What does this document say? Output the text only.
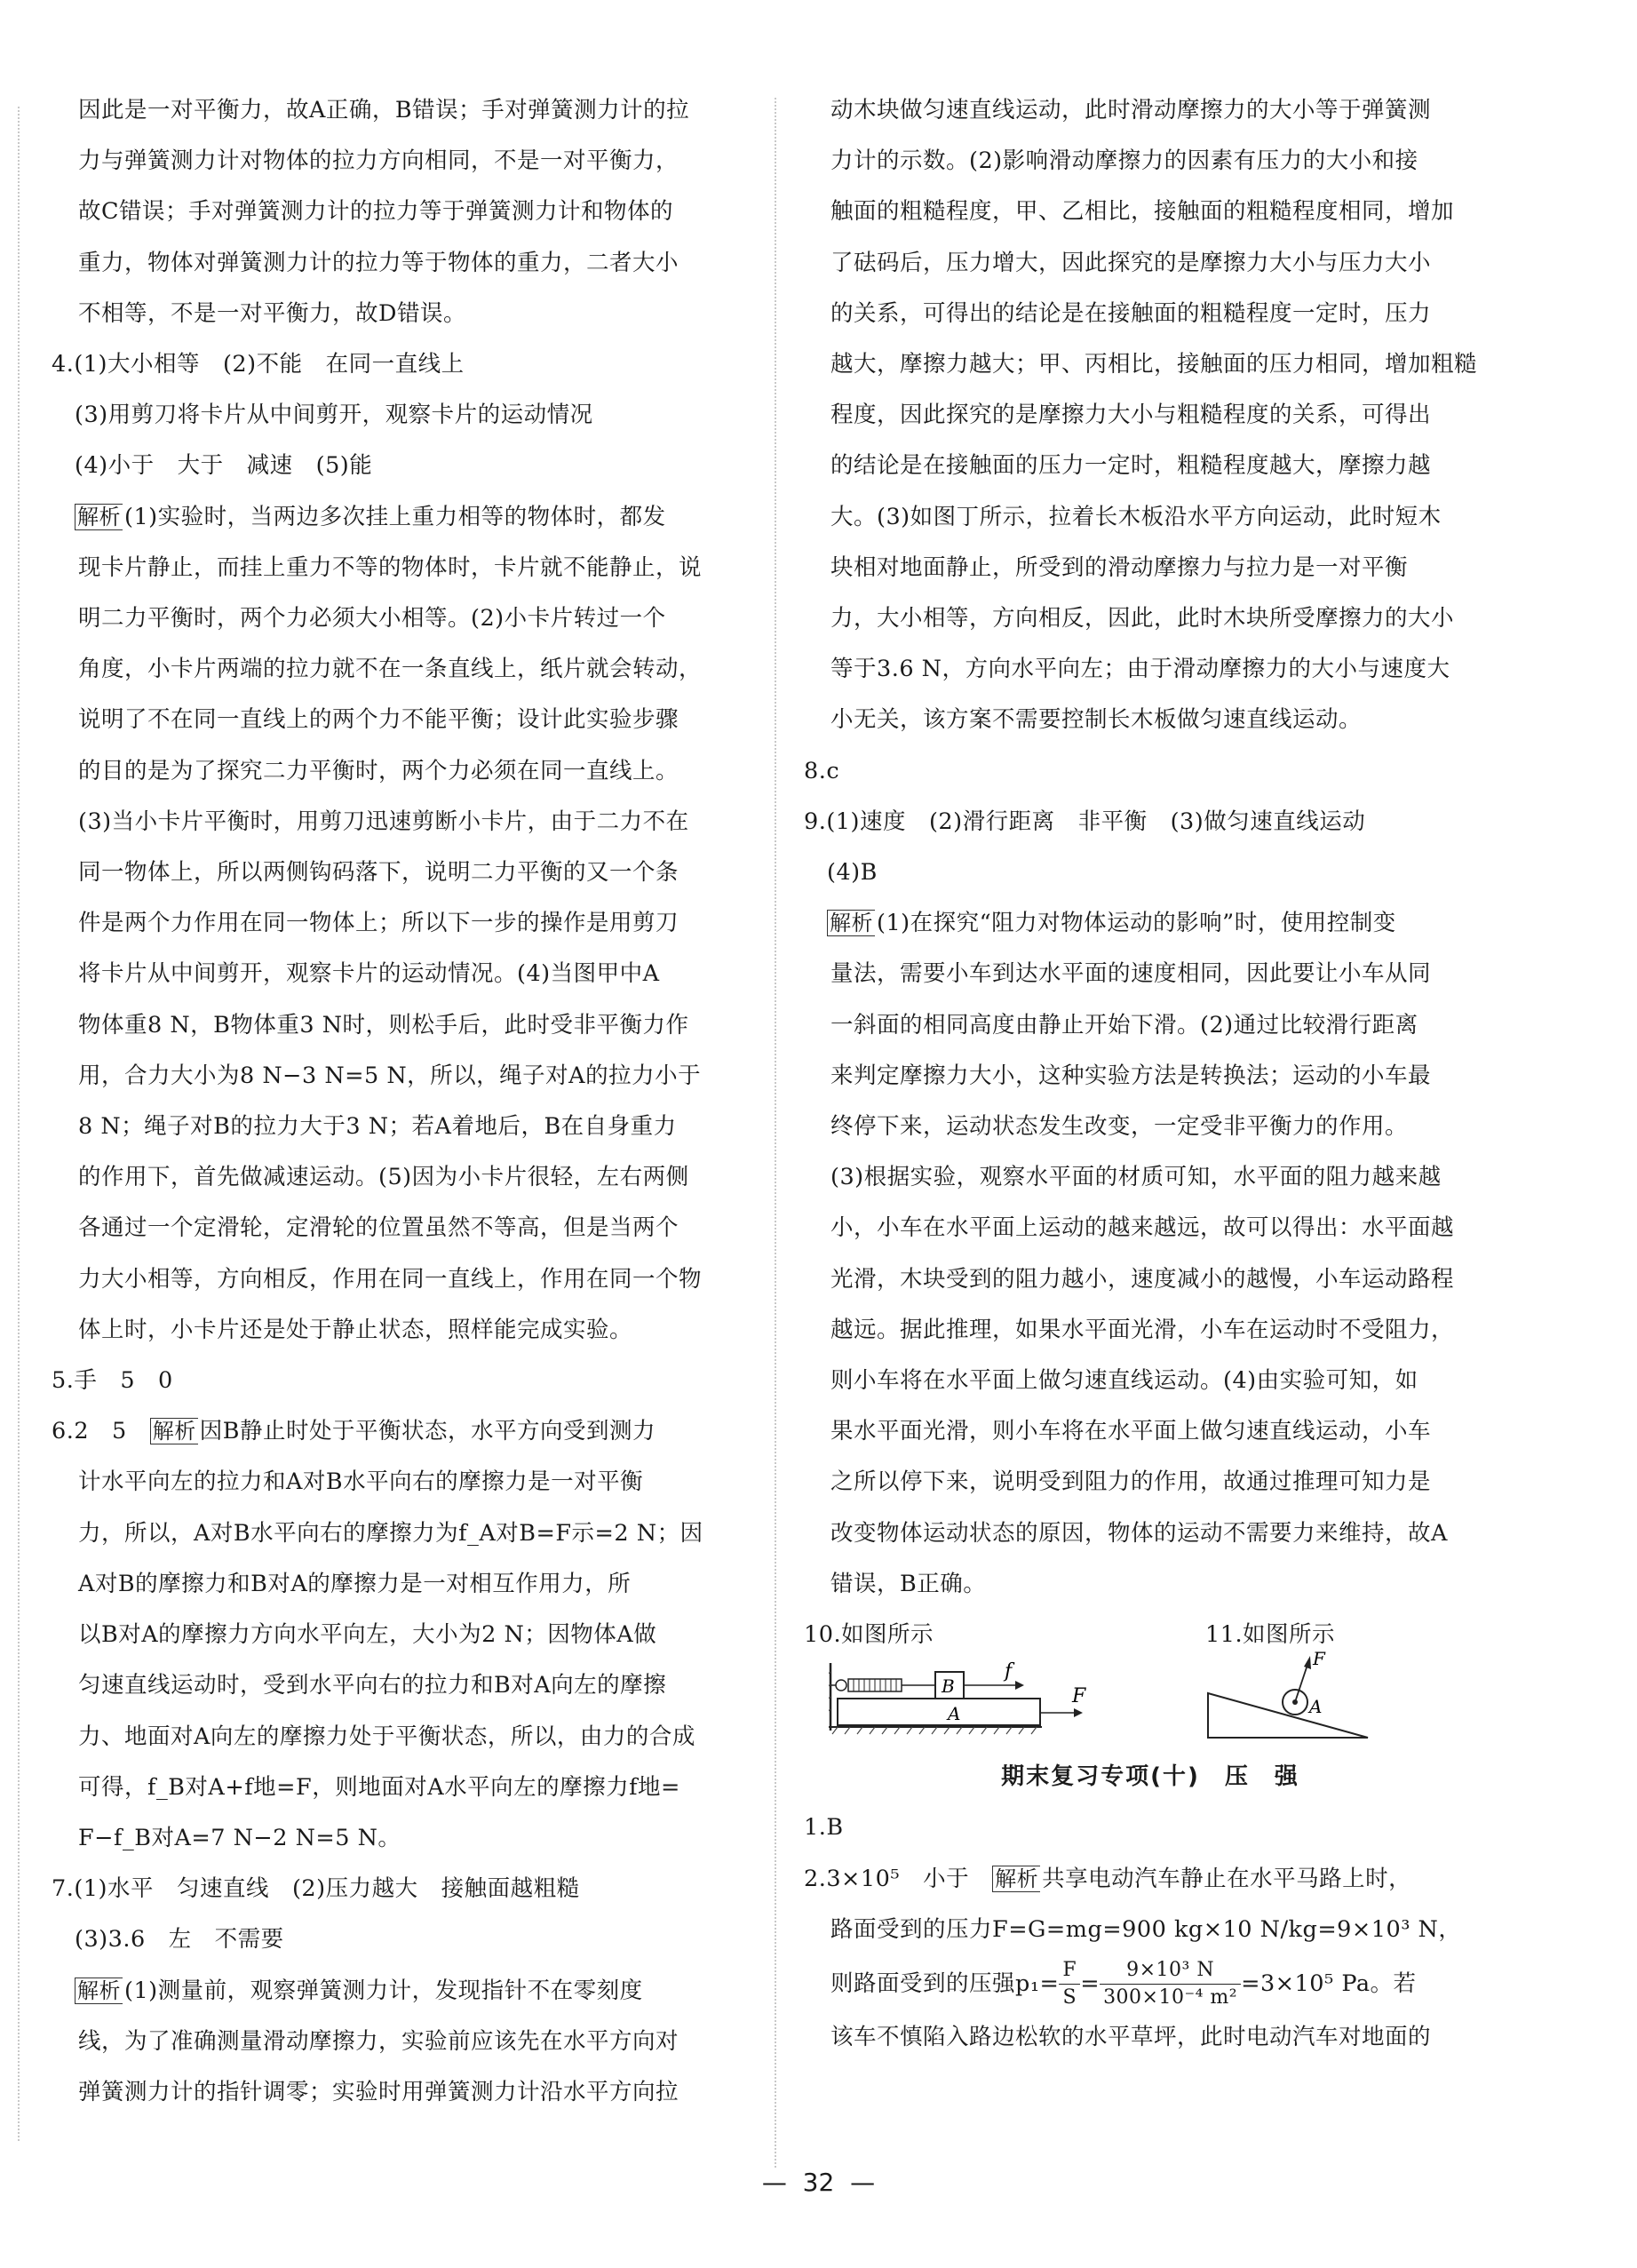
因此是一对平衡力，故A正确，B错误；手对弹簧测力计的拉

力与弹簧测力计对物体的拉力方向相同，不是一对平衡力，

故C错误；手对弹簧测力计的拉力等于弹簧测力计和物体的

重力，物体对弹簧测力计的拉力等于物体的重力，二者大小

不相等，不是一对平衡力，故D错误。

4.(1)大小相等　(2)不能　在同一直线上

(3)用剪刀将卡片从中间剪开，观察卡片的运动情况

(4)小于　大于　减速　(5)能

解析 (1)实验时，当两边多次挂上重力相等的物体时，都发

现卡片静止，而挂上重力不等的物体时，卡片就不能静止，说

明二力平衡时，两个力必须大小相等。(2)小卡片转过一个

角度，小卡片两端的拉力就不在一条直线上，纸片就会转动，

说明了不在同一直线上的两个力不能平衡；设计此实验步骤

的目的是为了探究二力平衡时，两个力必须在同一直线上。

(3)当小卡片平衡时，用剪刀迅速剪断小卡片，由于二力不在

同一物体上，所以两侧钩码落下，说明二力平衡的又一个条

件是两个力作用在同一物体上；所以下一步的操作是用剪刀

将卡片从中间剪开，观察卡片的运动情况。(4)当图甲中A

物体重8 N，B物体重3 N时，则松手后，此时受非平衡力作

用，合力大小为8 N−3 N=5 N，所以，绳子对A的拉力小于

8 N；绳子对B的拉力大于3 N；若A着地后，B在自身重力

的作用下，首先做减速运动。(5)因为小卡片很轻，左右两侧

各通过一个定滑轮，定滑轮的位置虽然不等高，但是当两个

力大小相等，方向相反，作用在同一直线上，作用在同一个物

体上时，小卡片还是处于静止状态，照样能完成实验。

5.手　5　0

6.2　5　解析 因B静止时处于平衡状态，水平方向受到测力

计水平向左的拉力和A对B水平向右的摩擦力是一对平衡

力，所以，A对B水平向右的摩擦力为f_A对B=F示=2 N；因

A对B的摩擦力和B对A的摩擦力是一对相互作用力，所

以B对A的摩擦力方向水平向左，大小为2 N；因物体A做

匀速直线运动时，受到水平向右的拉力和B对A向左的摩擦

力、地面对A向左的摩擦力处于平衡状态，所以，由力的合成

可得，f_B对A+f地=F，则地面对A水平向左的摩擦力f地=

F−f_B对A=7 N−2 N=5 N。

7.(1)水平　匀速直线　(2)压力越大　接触面越粗糙

(3)3.6　左　不需要

解析 (1)测量前，观察弹簧测力计，发现指针不在零刻度

线，为了准确测量滑动摩擦力，实验前应该先在水平方向对

弹簧测力计的指针调零；实验时用弹簧测力计沿水平方向拉

动木块做匀速直线运动，此时滑动摩擦力的大小等于弹簧测

力计的示数。(2)影响滑动摩擦力的因素有压力的大小和接

触面的粗糙程度，甲、乙相比，接触面的粗糙程度相同，增加

了砝码后，压力增大，因此探究的是摩擦力大小与压力大小

的关系，可得出的结论是在接触面的粗糙程度一定时，压力

越大，摩擦力越大；甲、丙相比，接触面的压力相同，增加粗糙

程度，因此探究的是摩擦力大小与粗糙程度的关系，可得出

的结论是在接触面的压力一定时，粗糙程度越大，摩擦力越

大。(3)如图丁所示，拉着长木板沿水平方向运动，此时短木

块相对地面静止，所受到的滑动摩擦力与拉力是一对平衡

力，大小相等，方向相反，因此，此时木块所受摩擦力的大小

等于3.6 N，方向水平向左；由于滑动摩擦力的大小与速度大

小无关，该方案不需要控制长木板做匀速直线运动。

8.c

9.(1)速度　(2)滑行距离　非平衡　(3)做匀速直线运动

(4)B

解析 (1)在探究“阻力对物体运动的影响”时，使用控制变

量法，需要小车到达水平面的速度相同，因此要让小车从同

一斜面的相同高度由静止开始下滑。(2)通过比较滑行距离

来判定摩擦力大小，这种实验方法是转换法；运动的小车最

终停下来，运动状态发生改变，一定受非平衡力的作用。

(3)根据实验，观察水平面的材质可知，水平面的阻力越来越

小，小车在水平面上运动的越来越远，故可以得出：水平面越

光滑，木块受到的阻力越小，速度减小的越慢，小车运动路程

越远。据此推理，如果水平面光滑，小车在运动时不受阻力，

则小车将在水平面上做匀速直线运动。(4)由实验可知，如

果水平面光滑，则小车将在水平面上做匀速直线运动，小车

之所以停下来，说明受到阻力的作用，故通过推理可知力是

改变物体运动状态的原因，物体的运动不需要力来维持，故A

错误，B正确。

10.如图所示	11.如图所示
B
f
A
F
F
A

期末复习专项(十)　压　强

1.B

2.3×10⁵　小于　解析 共享电动汽车静止在水平马路上时，

路面受到的压力F=G=mg=900 kg×10 N/kg=9×10³ N，

则路面受到的压强$p_1= \frac{F}{S} = \frac{\text{9×10³ N}}{\text{300×10⁻⁴ m²}} =3\times 10^5$ Pa。若

该车不慎陷入路边松软的水平草坪，此时电动汽车对地面的

—  32  —
